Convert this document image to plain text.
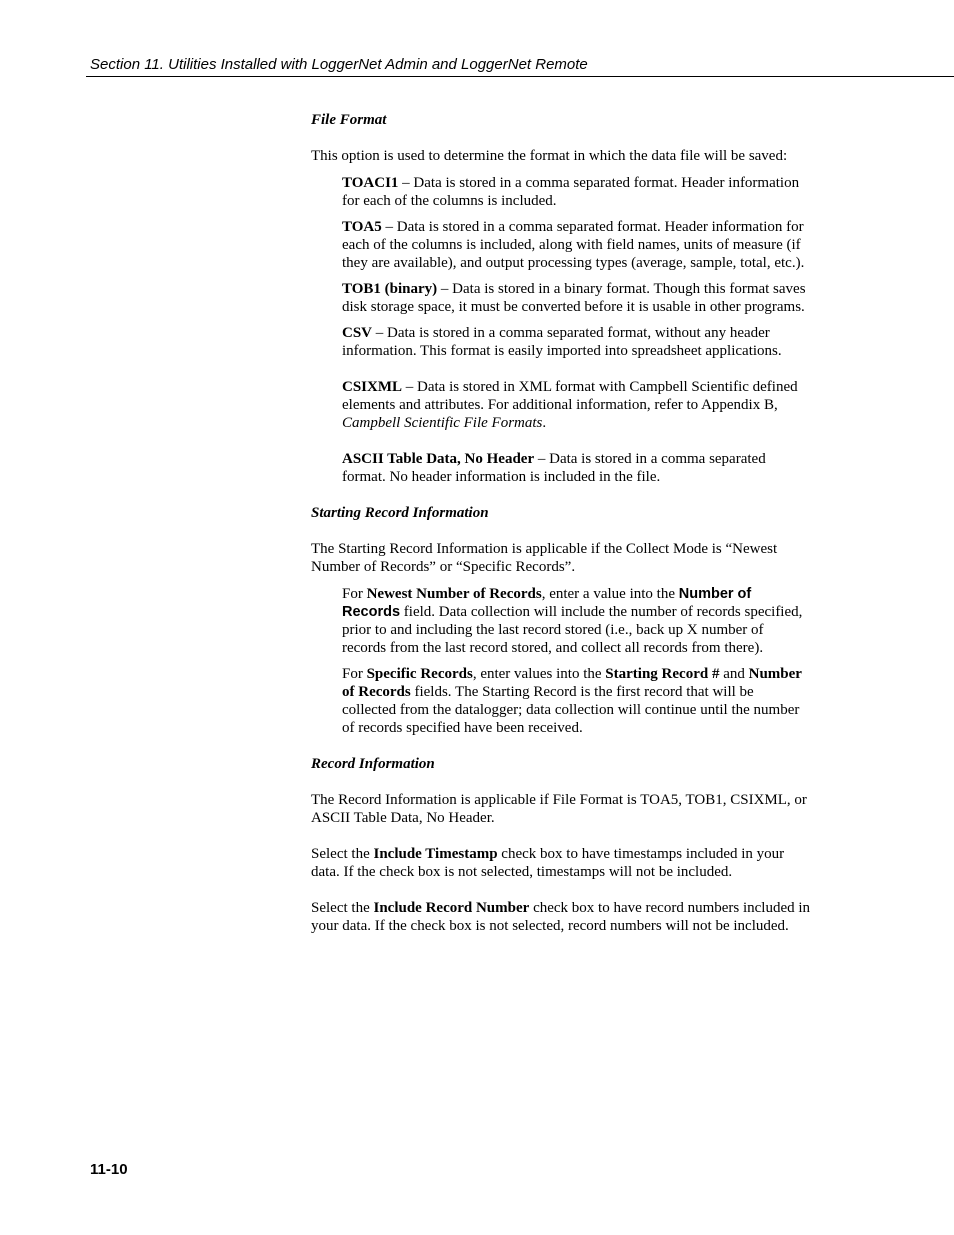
Section 11. Utilities Installed with LoggerNet Admin and LoggerNet Remote
File Format

This option is used to determine the format in which the data file will be saved:

TOACI1 – Data is stored in a comma separated format. Header information for each of the columns is included.

TOA5 – Data is stored in a comma separated format. Header information for each of the columns is included, along with field names, units of measure (if they are available), and output processing types (average, sample, total, etc.).

TOB1 (binary) – Data is stored in a binary format. Though this format saves disk storage space, it must be converted before it is usable in other programs.

CSV – Data is stored in a comma separated format, without any header information. This format is easily imported into spreadsheet applications.

CSIXML – Data is stored in XML format with Campbell Scientific defined elements and attributes. For additional information, refer to Appendix B, Campbell Scientific File Formats.

ASCII Table Data, No Header – Data is stored in a comma separated format. No header information is included in the file.

Starting Record Information

The Starting Record Information is applicable if the Collect Mode is “Newest Number of Records” or “Specific Records”.

For Newest Number of Records, enter a value into the Number of Records field. Data collection will include the number of records specified, prior to and including the last record stored (i.e., back up X number of records from the last record stored, and collect all records from there).

For Specific Records, enter values into the Starting Record # and Number of Records fields. The Starting Record is the first record that will be collected from the datalogger; data collection will continue until the number of records specified have been received.

Record Information

The Record Information is applicable if File Format is TOA5, TOB1, CSIXML, or ASCII Table Data, No Header.

Select the Include Timestamp check box to have timestamps included in your data. If the check box is not selected, timestamps will not be included.

Select the Include Record Number check box to have record numbers included in your data. If the check box is not selected, record numbers will not be included.

11-10
